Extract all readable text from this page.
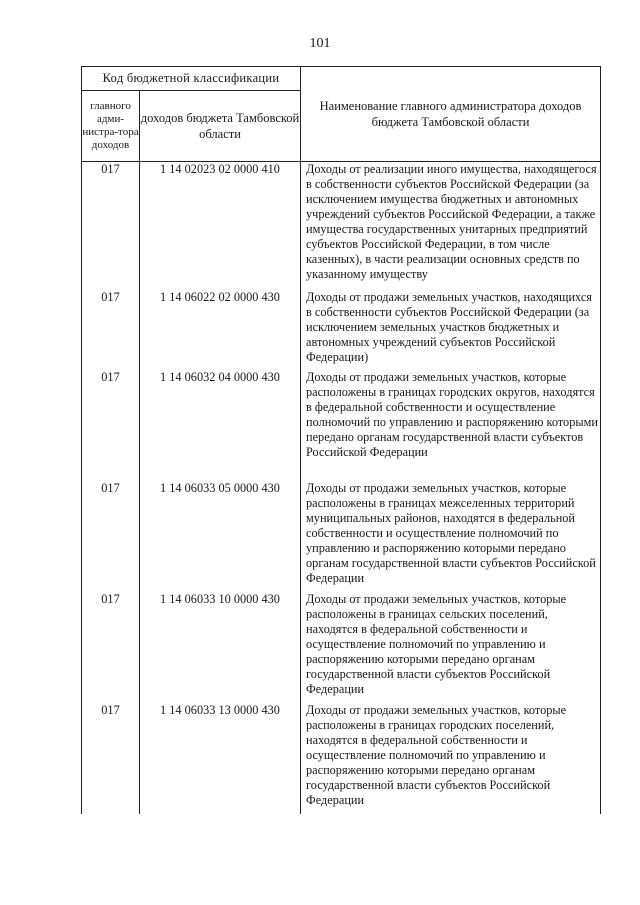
101
Код бюджетной классификации		Наименование главного администратора доходов бюджета Тамбовской области
главного адми-нистра-тора доходов	доходов бюджета Тамбовской области	
017	1 14 02023 02 0000 410	Доходы от реализации иного имущества, находящегося в собственности субъектов Российской Федерации (за исключением имущества бюджетных и автономных учреждений субъектов Российской Федерации, а также имущества государственных унитарных предприятий субъектов Российской Федерации, в том числе казенных), в части реализации основных средств по указанному имуществу
017	1 14 06022 02 0000 430	Доходы от продажи земельных участков, находящихся в собственности субъектов Российской Федерации (за исключением земельных участков бюджетных и автономных учреждений субъектов Российской Федерации)
017	1 14 06032 04 0000 430	Доходы от продажи земельных участков, которые расположены в границах городских округов, находятся в федеральной собственности и осуществление полномочий по управлению и распоряжению которыми передано органам государственной власти субъектов Российской Федерации
017	1 14 06033 05 0000 430	Доходы от продажи земельных участков, которые расположены в границах межселенных территорий муниципальных районов, находятся в федеральной собственности и осуществление полномочий по управлению и распоряжению которыми передано органам государственной власти субъектов Российской Федерации
017	1 14 06033 10 0000 430	Доходы от продажи земельных участков, которые расположены в границах сельских поселений, находятся в федеральной собственности и осуществление полномочий по управлению и распоряжению которыми передано органам государственной власти субъектов Российской Федерации
017	1 14 06033 13 0000 430	Доходы от продажи земельных участков, которые расположены в границах городских поселений, находятся в федеральной собственности и осуществление полномочий по управлению и распоряжению которыми передано органам государственной власти субъектов Российской Федерации
